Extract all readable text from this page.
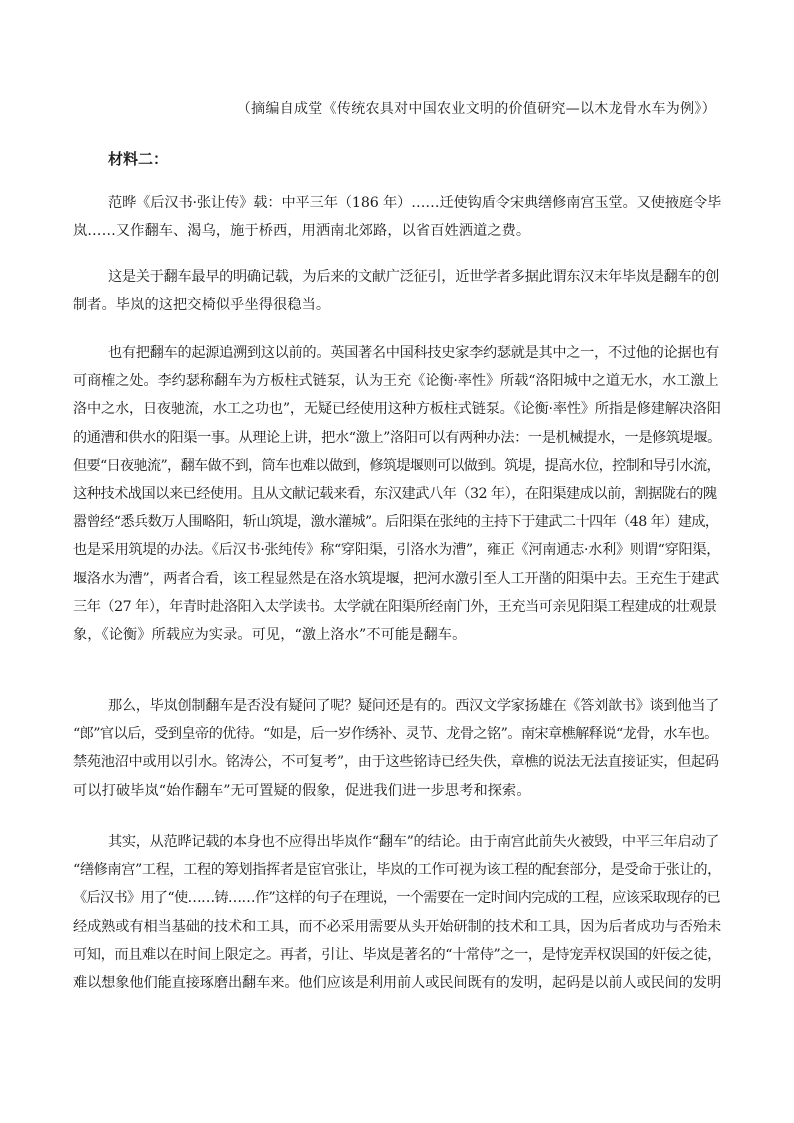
（摘编自成堂《传统农具对中国农业文明的价值研究—以木龙骨水车为例》）
材料二：
范晔《后汉书·张让传》载：中平三年（186 年）……迁使钩盾令宋典缮修南宫玉堂。又使掖庭令毕
岚……又作翻车、渴乌，施于桥西，用洒南北郊路，以省百姓洒道之费。
这是关于翻车最早的明确记载，为后来的文献广泛征引，近世学者多据此谓东汉末年毕岚是翻车的创
制者。毕岚的这把交椅似乎坐得很稳当。
也有把翻车的起源追溯到这以前的。英国著名中国科技史家李约瑟就是其中之一，不过他的论据也有
可商榷之处。李约瑟称翻车为方板柱式链泵，认为王充《论衡·率性》所载“洛阳城中之道无水，水工激上
洛中之水，日夜驰流，水工之功也”，无疑已经使用这种方板柱式链泵。《论衡·率性》所指是修建解决洛阳
的通漕和供水的阳渠一事。从理论上讲，把水“激上”洛阳可以有两种办法：一是机械提水，一是修筑堤堰。
但要“日夜驰流”，翻车做不到，筒车也难以做到，修筑堤堰则可以做到。筑堤，提高水位，控制和导引水流，
这种技术战国以来已经使用。且从文献记载来看，东汉建武八年（32 年），在阳渠建成以前，割据陇右的隗
嚣曾经“悉兵数万人围略阳，斩山筑堤，激水灌城”。后阳渠在张纯的主持下于建武二十四年（48 年）建成，
也是采用筑堤的办法。《后汉书·张纯传》称“穿阳渠，引洛水为漕”，雍正《河南通志·水利》则谓“穿阳渠，
堰洛水为漕”，两者合看，该工程显然是在洛水筑堤堰，把河水激引至人工开凿的阳渠中去。王充生于建武
三年（27 年），年青时赴洛阳入太学读书。太学就在阳渠所经南门外，王充当可亲见阳渠工程建成的壮观景
象，《论衡》所载应为实录。可见，“激上洛水”不可能是翻车。
那么，毕岚创制翻车是否没有疑问了呢？疑问还是有的。西汉文学家扬雄在《答刘歆书》谈到他当了
“郎”官以后，受到皇帝的优待。“如是，后一岁作绣补、灵节、龙骨之铭”。南宋章樵解释说“龙骨，水车也。
禁苑池沼中或用以引水。铭涛公，不可复考”，由于这些铭诗已经失佚，章樵的说法无法直接证实，但起码
可以打破毕岚“始作翻车”无可置疑的假象，促进我们进一步思考和探索。
其实，从范晔记载的本身也不应得出毕岚作“翻车”的结论。由于南宫此前失火被毁，中平三年启动了
“缮修南宫”工程，工程的筹划指挥者是宦官张让，毕岚的工作可视为该工程的配套部分，是受命于张让的，
《后汉书》用了“使……铸……作”这样的句子在理说，一个需要在一定时间内完成的工程，应该采取现存的已
经成熟或有相当基础的技术和工具，而不必采用需要从头开始研制的技术和工具，因为后者成功与否殆未
可知，而且难以在时间上限定之。再者，引让、毕岚是著名的“十常侍”之一，是恃宠弄权误国的奸佞之徒，
难以想象他们能直接琢磨出翻车来。他们应该是利用前人或民间既有的发明，起码是以前人或民间的发明
